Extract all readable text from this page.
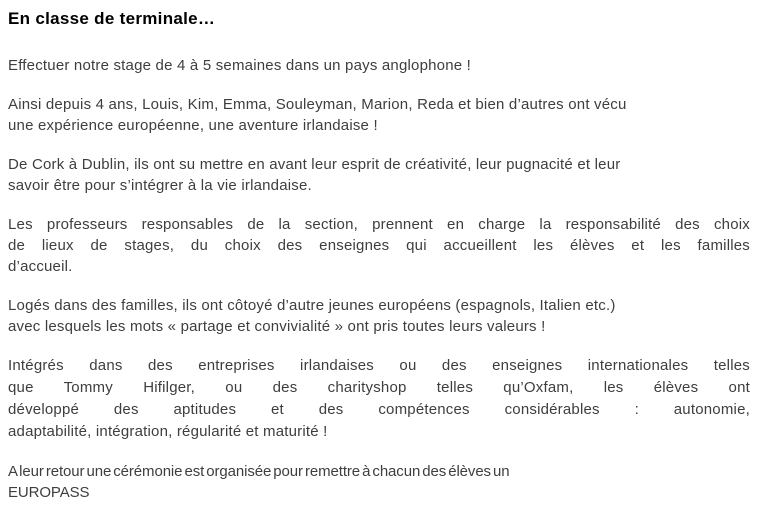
En classe de terminale…
Effectuer notre stage de 4 à 5 semaines dans un pays anglophone !
Ainsi depuis 4 ans, Louis, Kim, Emma, Souleyman, Marion, Reda et bien d’autres ont vécu
une expérience européenne, une aventure irlandaise !
De Cork à Dublin, ils ont su mettre en avant leur esprit de créativité, leur pugnacité et leur
savoir être pour s’intégrer à la vie irlandaise.
Les professeurs responsables de la section, prennent en charge la responsabilité des choix
de lieux de stages, du choix des enseignes qui accueillent les élèves et les familles
d’accueil.
Logés dans des familles, ils ont côtoyé d’autre jeunes européens (espagnols, Italien etc.)
avec lesquels les mots « partage et convivialité » ont pris toutes leurs valeurs !
Intégrés dans des entreprises irlandaises ou des enseignes internationales telles
que Tommy Hifilger, ou des charityshop telles qu’Oxfam, les élèves ont
développé des aptitudes et des compétences considérables : autonomie,
adaptabilité, intégration, régularité et maturité !
A leur retour une cérémonie est organisée pour remettre à chacun des élèves un
EUROPASS
